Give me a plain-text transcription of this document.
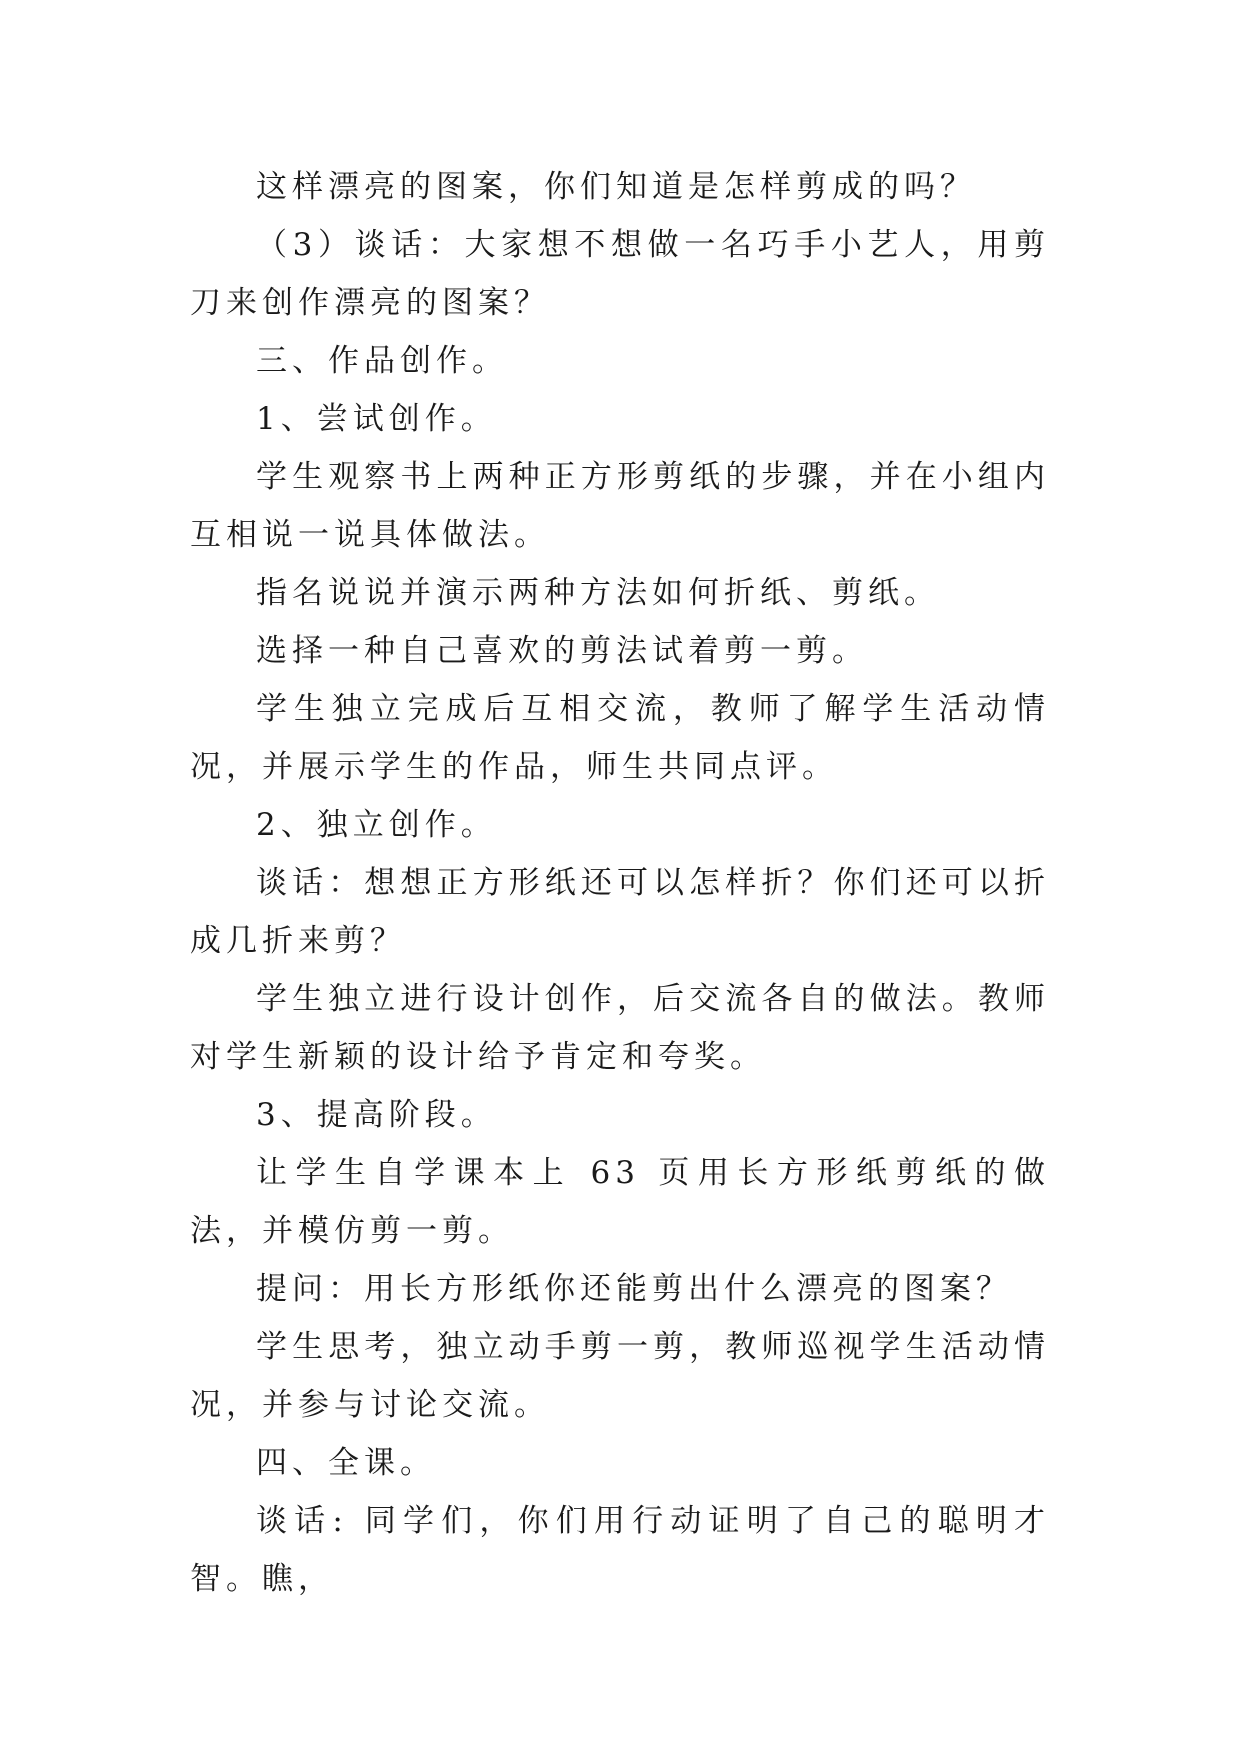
这样漂亮的图案，你们知道是怎样剪成的吗？

（3）谈话：大家想不想做一名巧手小艺人，用剪刀来创作漂亮的图案？

三、作品创作。

1、尝试创作。

学生观察书上两种正方形剪纸的步骤，并在小组内互相说一说具体做法。

指名说说并演示两种方法如何折纸、剪纸。

选择一种自己喜欢的剪法试着剪一剪。

学生独立完成后互相交流，教师了解学生活动情况，并展示学生的作品，师生共同点评。

2、独立创作。

谈话：想想正方形纸还可以怎样折？你们还可以折成几折来剪？

学生独立进行设计创作，后交流各自的做法。教师对学生新颖的设计给予肯定和夸奖。

3、提高阶段。

让学生自学课本上 63 页用长方形纸剪纸的做法，并模仿剪一剪。

提问：用长方形纸你还能剪出什么漂亮的图案？

学生思考，独立动手剪一剪，教师巡视学生活动情况，并参与讨论交流。

四、全课。

谈话: 同学们，你们用行动证明了自己的聪明才智。瞧，
